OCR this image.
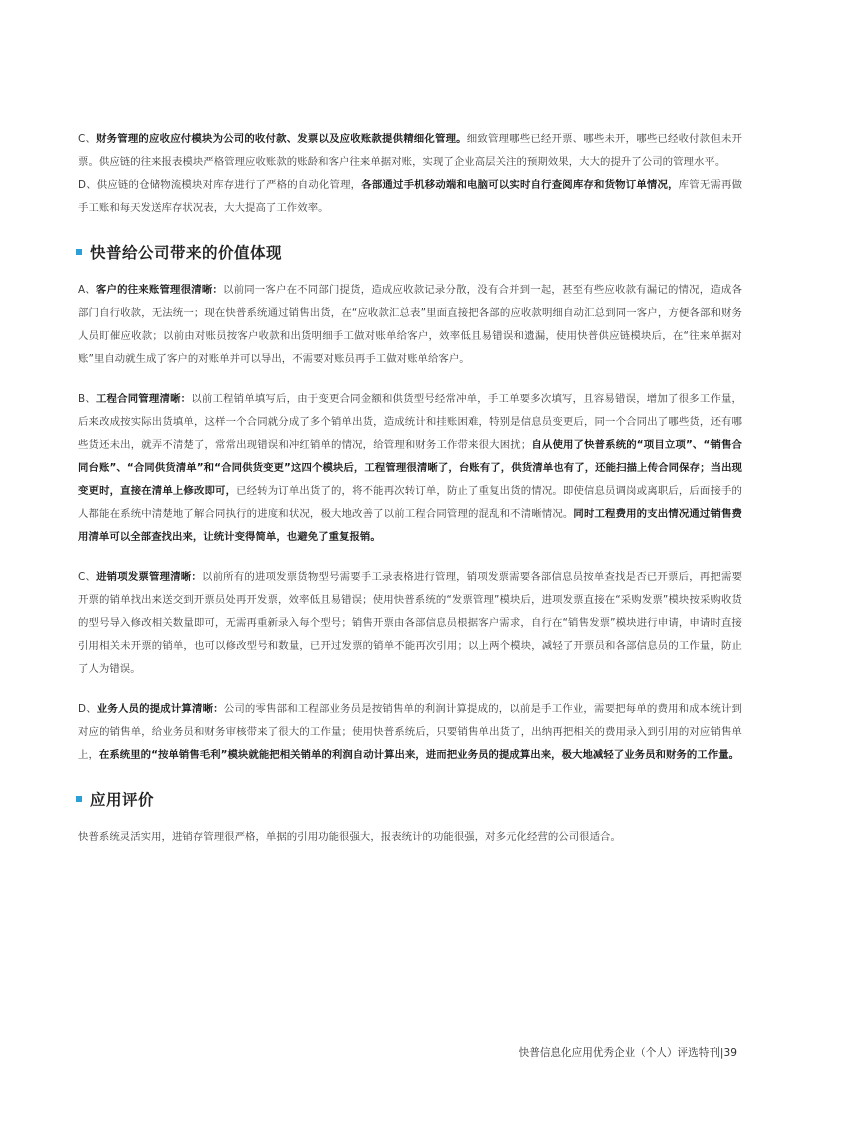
C、财务管理的应收应付模块为公司的收付款、发票以及应收账款提供精细化管理。细致管理哪些已经开票、哪些未开，哪些已经收付款但未开票。供应链的往来报表模块严格管理应收账款的账龄和客户往来单据对账，实现了企业高层关注的预期效果，大大的提升了公司的管理水平。
D、供应链的仓储物流模块对库存进行了严格的自动化管理，各部通过手机移动端和电脑可以实时自行查阅库存和货物订单情况，库管无需再做手工账和每天发送库存状况表，大大提高了工作效率。

快普给公司带来的价值体现

A、客户的往来账管理很清晰：以前同一客户在不同部门提货，造成应收款记录分散，没有合并到一起，甚至有些应收款有漏记的情况，造成各部门自行收款，无法统一；现在快普系统通过销售出货，在“应收款汇总表”里面直接把各部的应收款明细自动汇总到同一客户，方便各部和财务人员盯催应收款；以前由对账员按客户收款和出货明细手工做对账单给客户，效率低且易错误和遗漏，使用快普供应链模块后，在“往来单据对账”里自动就生成了客户的对账单并可以导出，不需要对账员再手工做对账单给客户。

B、工程合同管理清晰：以前工程销单填写后，由于变更合同金额和供货型号经常冲单，手工单要多次填写，且容易错误，增加了很多工作量，后来改成按实际出货填单，这样一个合同就分成了多个销单出货，造成统计和挂账困难，特别是信息员变更后，同一个合同出了哪些货，还有哪些货还未出，就弄不清楚了，常常出现错误和冲红销单的情况，给管理和财务工作带来很大困扰；自从使用了快普系统的“项目立项”、“销售合同台账”、“合同供货清单”和“合同供货变更”这四个模块后，工程管理很清晰了，台账有了，供货清单也有了，还能扫描上传合同保存；当出现变更时，直接在清单上修改即可，已经转为订单出货了的，将不能再次转订单，防止了重复出货的情况。即使信息员调岗或离职后，后面接手的人都能在系统中清楚地了解合同执行的进度和状况，极大地改善了以前工程合同管理的混乱和不清晰情况。同时工程费用的支出情况通过销售费用清单可以全部查找出来，让统计变得简单，也避免了重复报销。

C、进销项发票管理清晰：以前所有的进项发票货物型号需要手工录表格进行管理，销项发票需要各部信息员按单查找是否已开票后，再把需要开票的销单找出来送交到开票员处再开发票，效率低且易错误；使用快普系统的“发票管理”模块后，进项发票直接在“采购发票”模块按采购收货的型号导入修改相关数量即可，无需再重新录入每个型号；销售开票由各部信息员根据客户需求，自行在“销售发票”模块进行申请，申请时直接引用相关未开票的销单，也可以修改型号和数量，已开过发票的销单不能再次引用；以上两个模块，减轻了开票员和各部信息员的工作量，防止了人为错误。

D、业务人员的提成计算清晰：公司的零售部和工程部业务员是按销售单的利润计算提成的，以前是手工作业，需要把每单的费用和成本统计到对应的销售单，给业务员和财务审核带来了很大的工作量；使用快普系统后，只要销售单出货了，出纳再把相关的费用录入到引用的对应销售单上，在系统里的“按单销售毛利”模块就能把相关销单的利润自动计算出来，进而把业务员的提成算出来，极大地减轻了业务员和财务的工作量。

应用评价

快普系统灵活实用，进销存管理很严格，单据的引用功能很强大，报表统计的功能很强，对多元化经营的公司很适合。

快普信息化应用优秀企业（个人）评选特刊|39
